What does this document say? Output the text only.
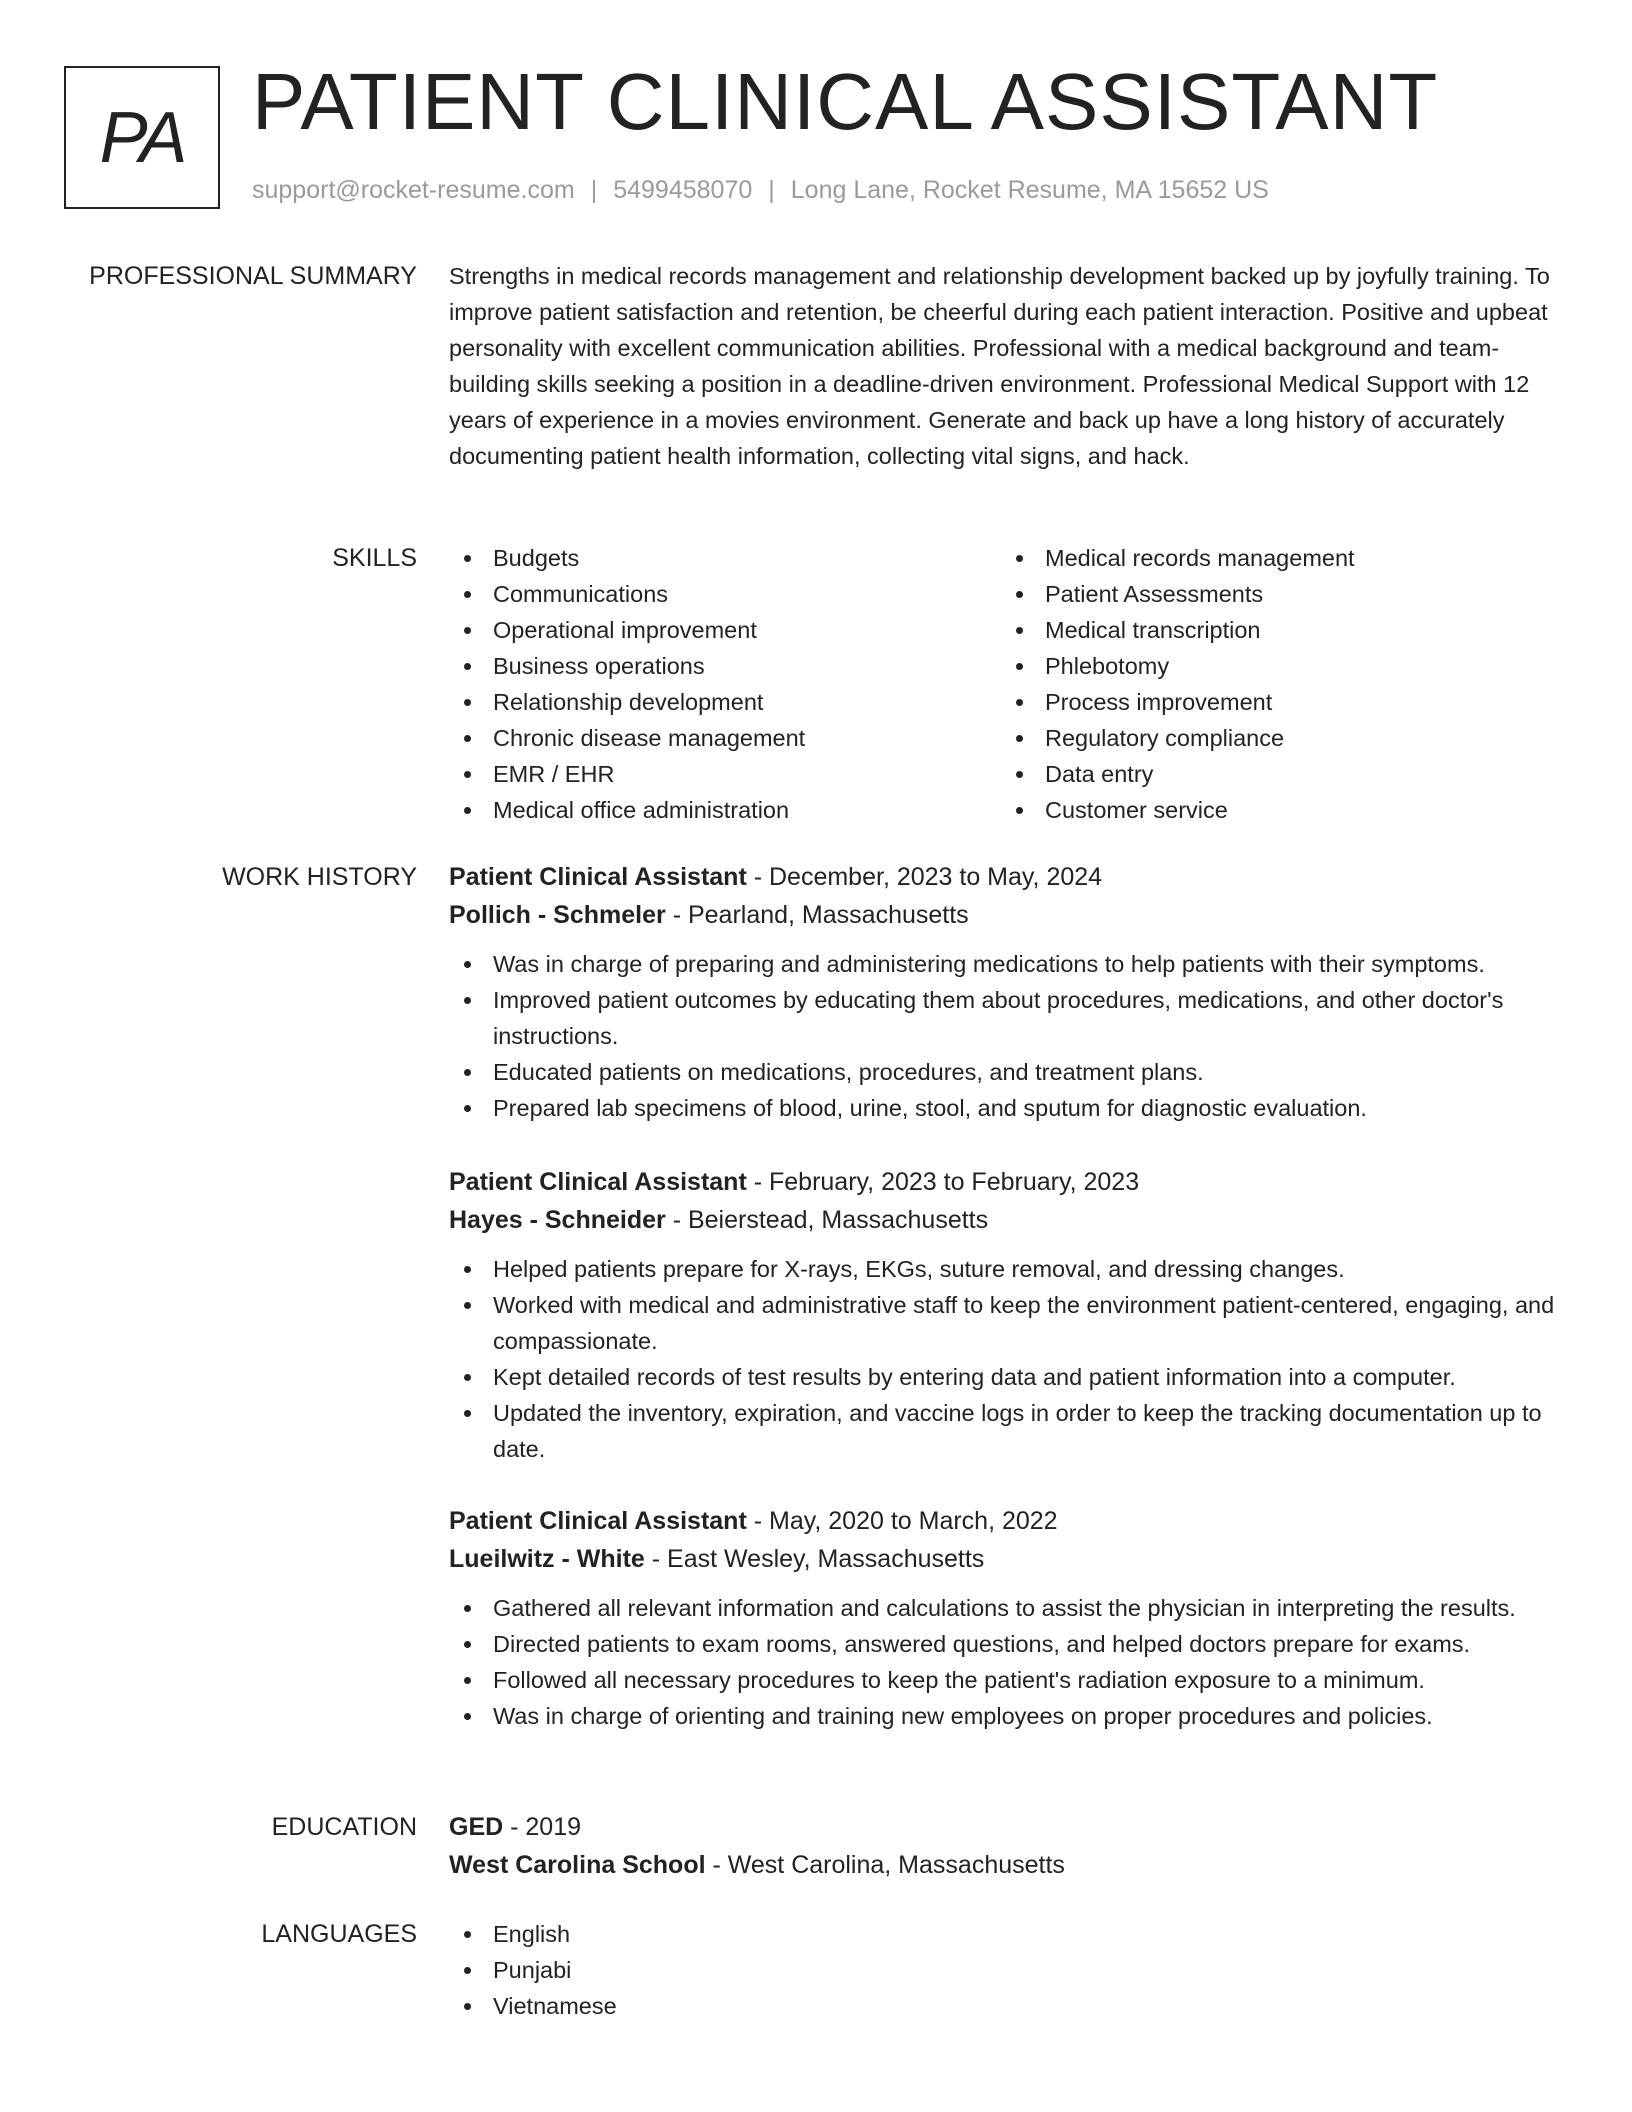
PA PATIENT CLINICAL ASSISTANT
support@rocket-resume.com | 5499458070 | Long Lane, Rocket Resume, MA 15652 US
PROFESSIONAL SUMMARY Strengths in medical records management and relationship development backed up by joyfully training. To improve patient satisfaction and retention, be cheerful during each patient interaction. Positive and upbeat personality with excellent communication abilities. Professional with a medical background and team-building skills seeking a position in a deadline-driven environment. Professional Medical Support with 12 years of experience in a movies environment. Generate and back up have a long history of accurately documenting patient health information, collecting vital signs, and hack.
SKILLS	Budgets
Communications
Operational improvement
Business operations
Relationship development
Chronic disease management
EMR / EHR
Medical office administration
Medical records management
Patient Assessments
Medical transcription
Phlebotomy
Process improvement
Regulatory compliance
Data entry
Customer service
WORK HISTORY Patient Clinical Assistant - December, 2023 to May, 2024
Pollich - Schmeler - Pearland, Massachusetts
Was in charge of preparing and administering medications to help patients with their symptoms.
Improved patient outcomes by educating them about procedures, medications, and other doctor's instructions.
Educated patients on medications, procedures, and treatment plans.
Prepared lab specimens of blood, urine, stool, and sputum for diagnostic evaluation.
Patient Clinical Assistant - February, 2023 to February, 2023
Hayes - Schneider - Beierstead, Massachusetts
Helped patients prepare for X-rays, EKGs, suture removal, and dressing changes.
Worked with medical and administrative staff to keep the environment patient-centered, engaging, and compassionate.
Kept detailed records of test results by entering data and patient information into a computer.
Updated the inventory, expiration, and vaccine logs in order to keep the tracking documentation up to date.
Patient Clinical Assistant - May, 2020 to March, 2022
Lueilwitz - White - East Wesley, Massachusetts
Gathered all relevant information and calculations to assist the physician in interpreting the results.
Directed patients to exam rooms, answered questions, and helped doctors prepare for exams.
Followed all necessary procedures to keep the patient's radiation exposure to a minimum.
Was in charge of orienting and training new employees on proper procedures and policies.
EDUCATION GED - 2019
West Carolina School - West Carolina, Massachusetts
LANGUAGES	English
Punjabi
Vietnamese
